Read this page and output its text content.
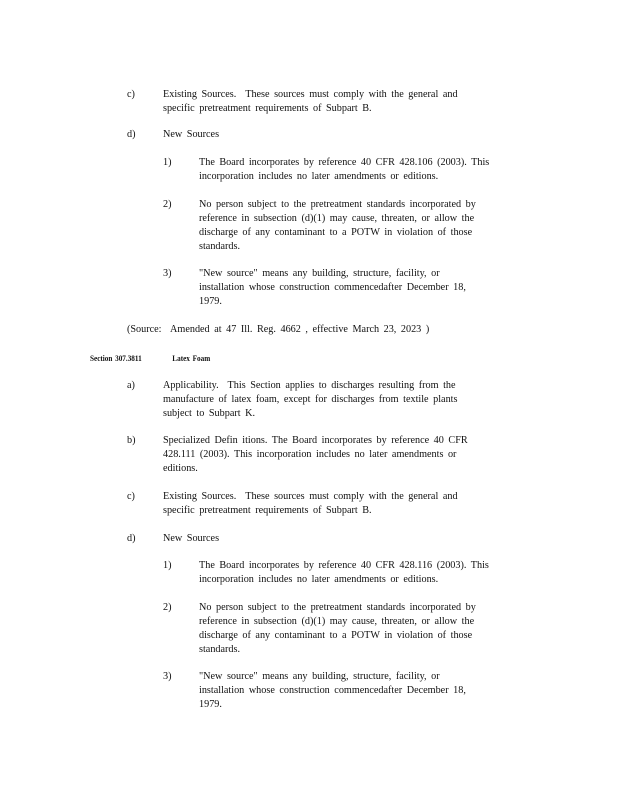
c)	Existing Sources.  These sources must comply with the general and
specific pretreatment requirements of Subpart B.
d)	New Sources
1)	The Board incorporates by reference 40 CFR 428.106 (2003). This
incorporation includes no later amendments or editions.
2)	No person subject to the pretreatment standards incorporated by
reference in subsection (d)(1) may cause, threaten, or allow the
discharge of any contaminant to a POTW in violation of those
standards.
3)	"New source" means any building, structure, facility, or
installation whose construction commencedafter December 18,
1979.
(Source:  Amended at 47 Ill. Reg. 4662 , effective March 23, 2023 )
Section 307.3811	Latex Foam
a)	Applicability.  This Section applies to discharges resulting from the
manufacture of latex foam, except for discharges from textile plants
subject to Subpart K.
b)	Specialized Defin itions. The Board incorporates by reference 40 CFR
428.111 (2003). This incorporation includes no later amendments or
editions.
c)	Existing Sources.  These sources must comply with the general and
specific pretreatment requirements of Subpart B.
d)	New Sources
1)	The Board incorporates by reference 40 CFR 428.116 (2003). This
incorporation includes no later amendments or editions.
2)	No person subject to the pretreatment standards incorporated by
reference in subsection (d)(1) may cause, threaten, or allow the
discharge of any contaminant to a POTW in violation of those
standards.
3)	"New source" means any building, structure, facility, or
installation whose construction commencedafter December 18,
1979.
